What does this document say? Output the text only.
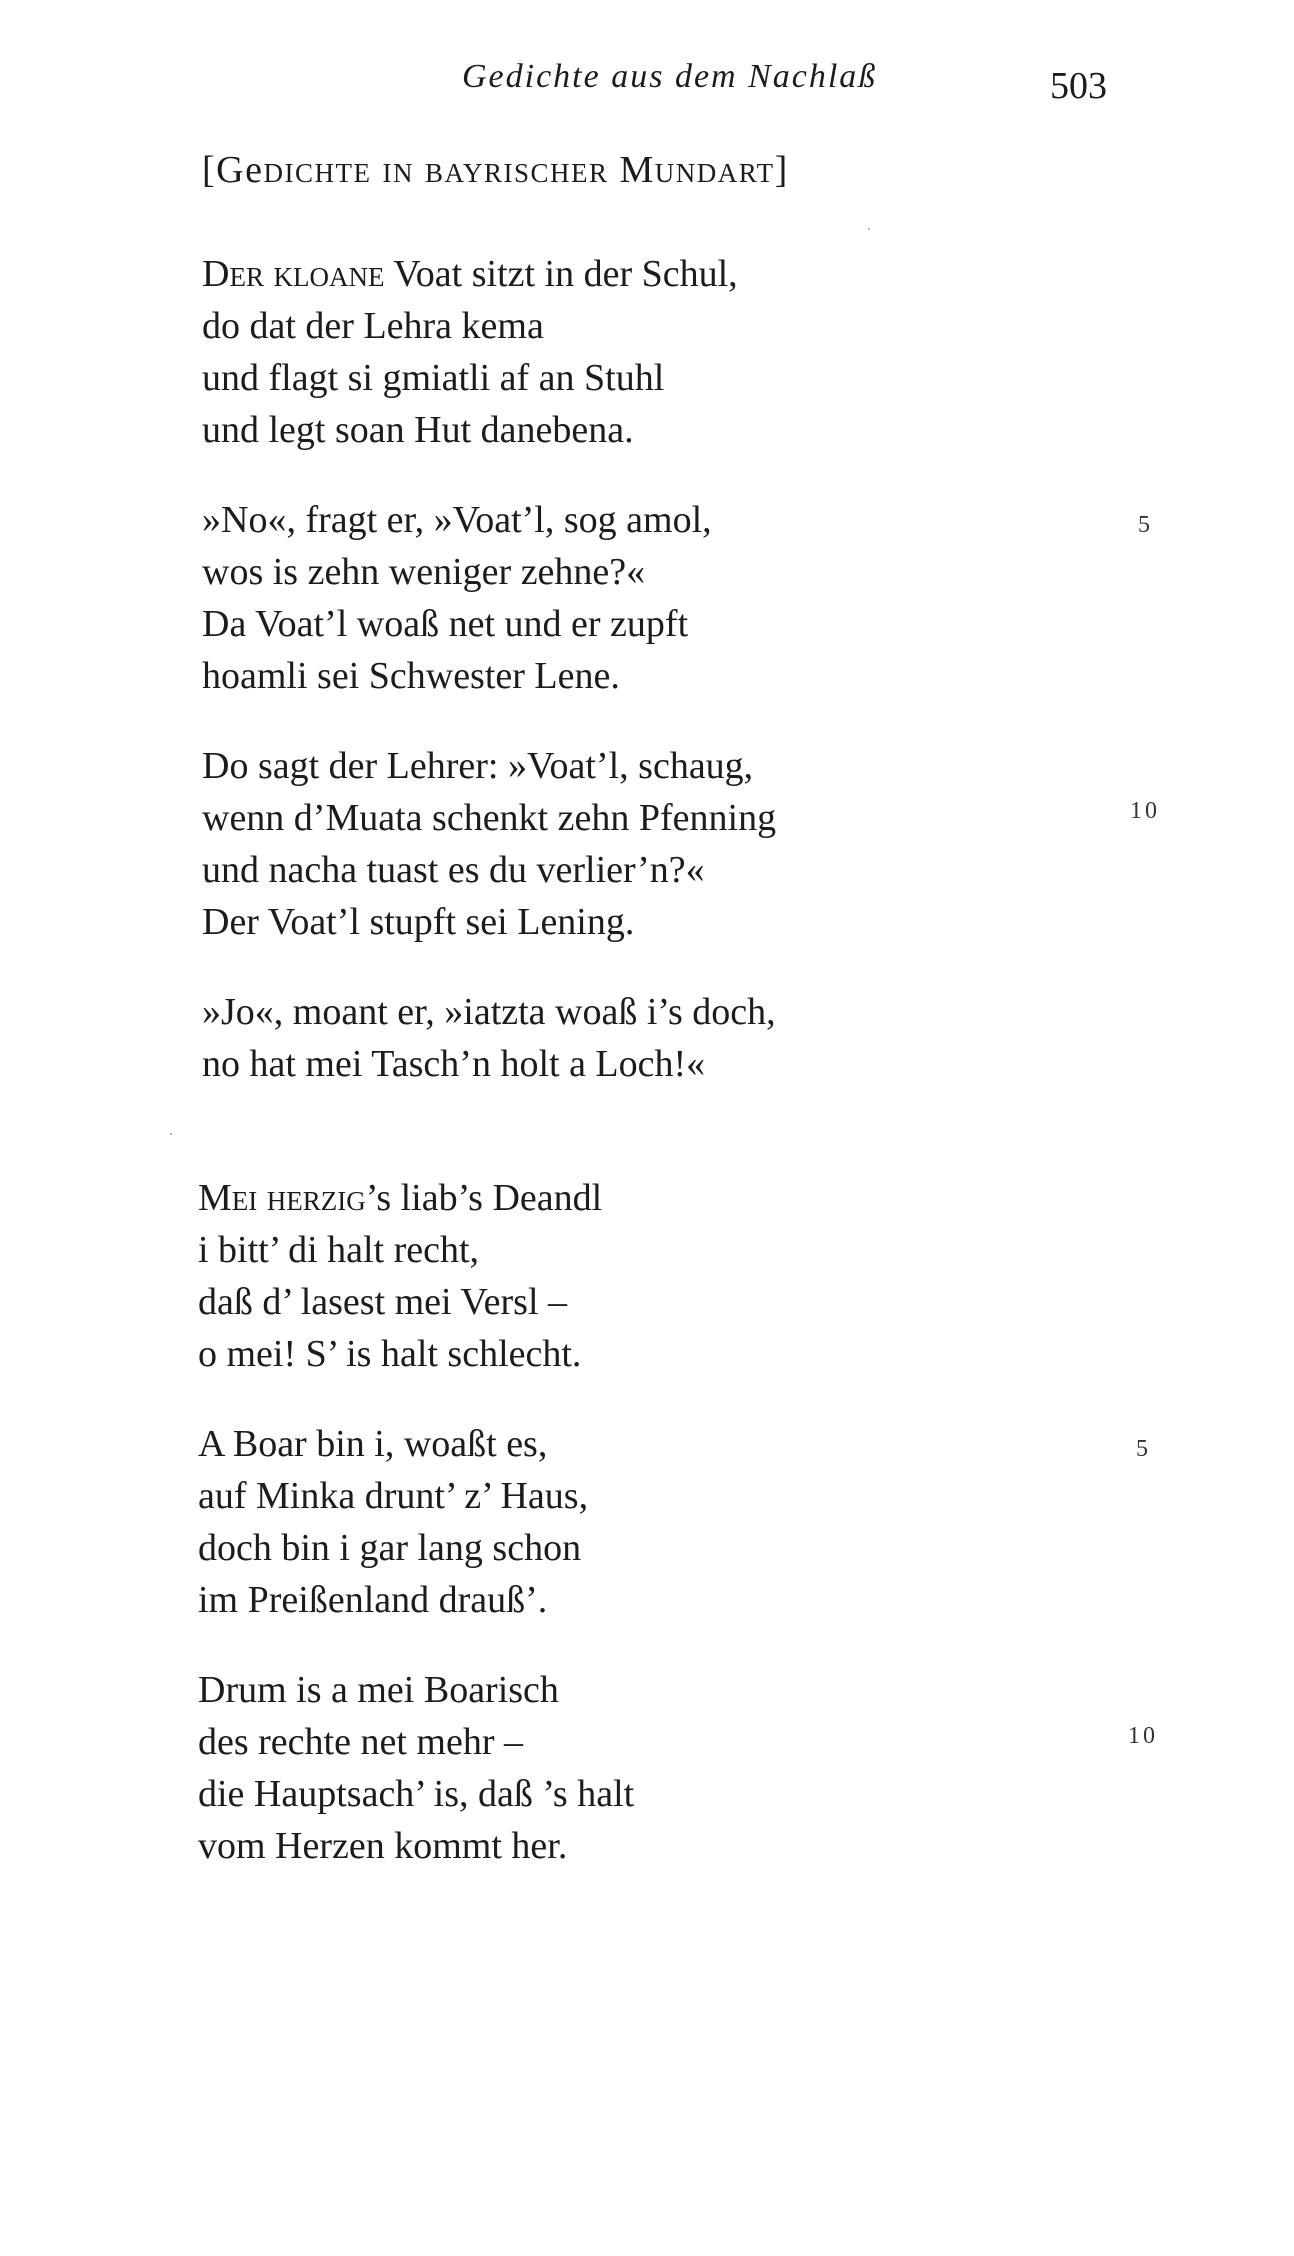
Gedichte aus dem Nachlaß	503
[Gedichte in bayrischer Mundart]
Der kloane Voat sitzt in der Schul,
do dat der Lehra kema
und flagt si gmiatli af an Stuhl
und legt soan Hut danebena.
»No«, fragt er, »Voat’l, sog amol,
wos is zehn weniger zehne?«
Da Voat’l woaß net und er zupft
hoamli sei Schwester Lene.
Do sagt der Lehrer: »Voat’l, schaug,
wenn d’Muata schenkt zehn Pfenning
und nacha tuast es du verlier’n?«
Der Voat’l stupft sei Lening.
»Jo«, moant er, »iatzta woaß i’s doch,
no hat mei Tasch’n holt a Loch!«
5
10
Mei herzig’s liab’s Deandl
i bitt’ di halt recht,
daß d’ lasest mei Versl –
o mei! S’ is halt schlecht.
A Boar bin i, woaßt es,
auf Minka drunt’ z’ Haus,
doch bin i gar lang schon
im Preißenland drauß’.
Drum is a mei Boarisch
des rechte net mehr –
die Hauptsach’ is, daß ’s halt
vom Herzen kommt her.
5
10
